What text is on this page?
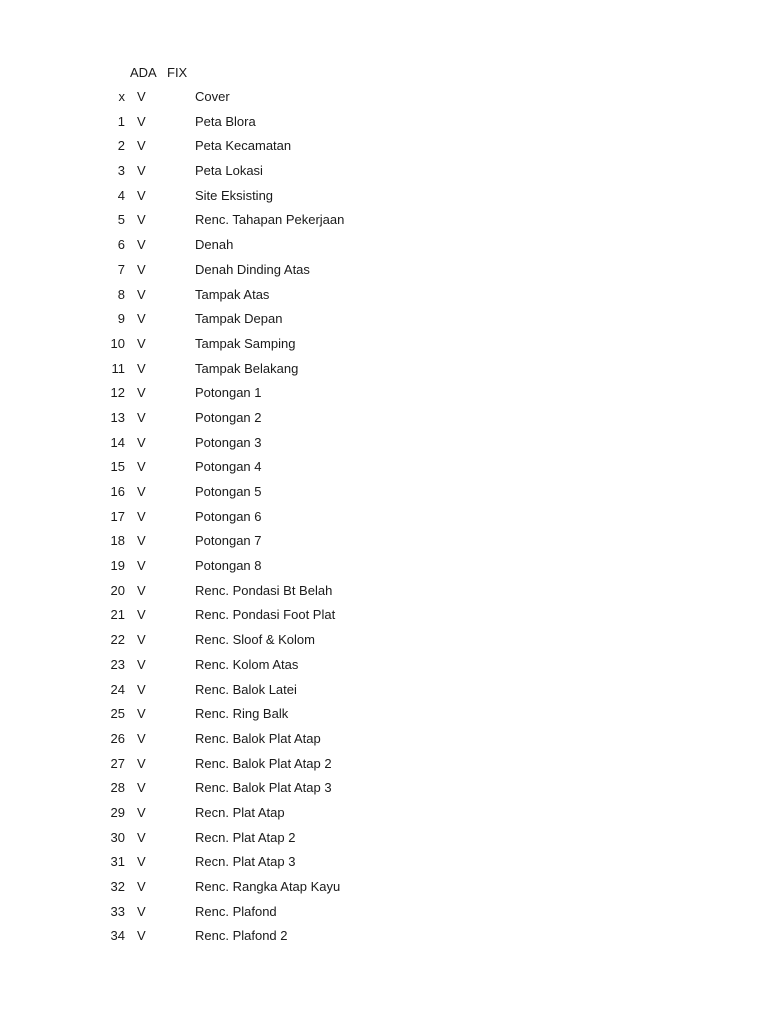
ADA FIX
x V	Cover
1 V	Peta Blora
2 V	Peta Kecamatan
3 V	Peta Lokasi
4 V	Site Eksisting
5 V	Renc. Tahapan Pekerjaan
6 V	Denah
7 V	Denah Dinding Atas
8 V	Tampak Atas
9 V	Tampak Depan
10 V	Tampak Samping
11 V	Tampak Belakang
12 V	Potongan 1
13 V	Potongan 2
14 V	Potongan 3
15 V	Potongan 4
16 V	Potongan 5
17 V	Potongan 6
18 V	Potongan 7
19 V	Potongan 8
20 V	Renc. Pondasi Bt Belah
21 V	Renc. Pondasi Foot Plat
22 V	Renc. Sloof & Kolom
23 V	Renc. Kolom Atas
24 V	Renc. Balok Latei
25 V	Renc. Ring Balk
26 V	Renc. Balok Plat Atap
27 V	Renc. Balok Plat Atap 2
28 V	Renc. Balok Plat Atap 3
29 V	Recn. Plat Atap
30 V	Recn. Plat Atap 2
31 V	Recn. Plat Atap 3
32 V	Renc. Rangka Atap Kayu
33 V	Renc. Plafond
34 V	Renc. Plafond 2
